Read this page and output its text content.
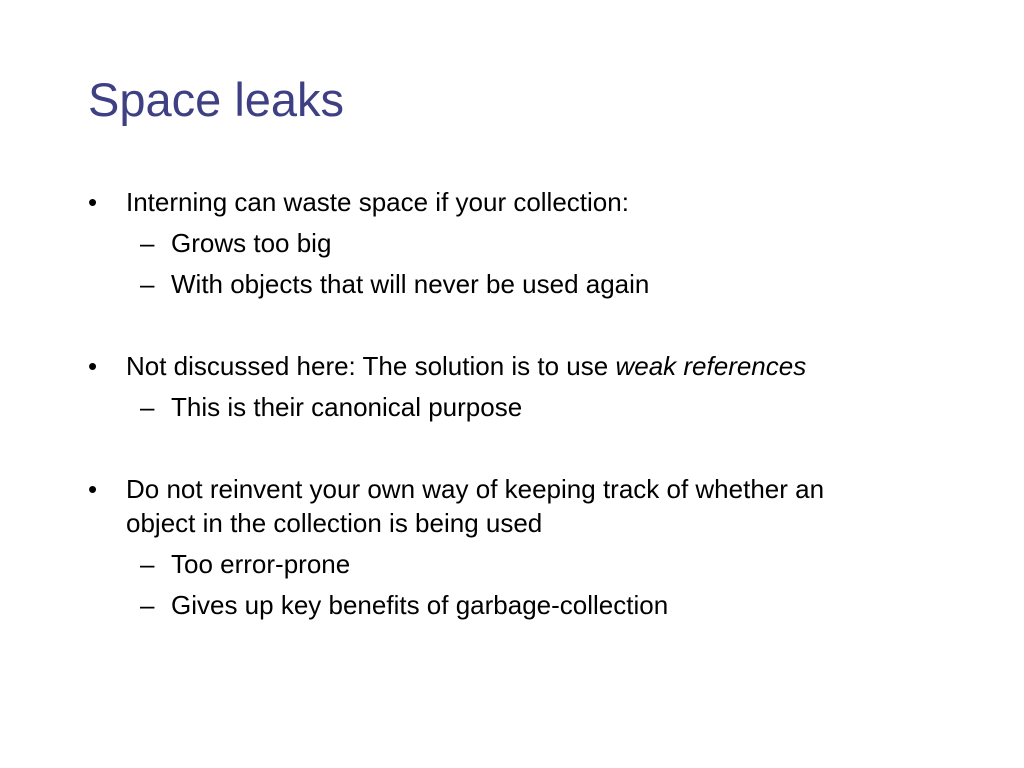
Space leaks
• Interning can waste space if your collection:
– Grows too big
– With objects that will never be used again
• Not discussed here: The solution is to use weak references
– This is their canonical purpose
• Do not reinvent your own way of keeping track of whether an
object in the collection is being used
– Too error-prone
– Gives up key benefits of garbage-collection
